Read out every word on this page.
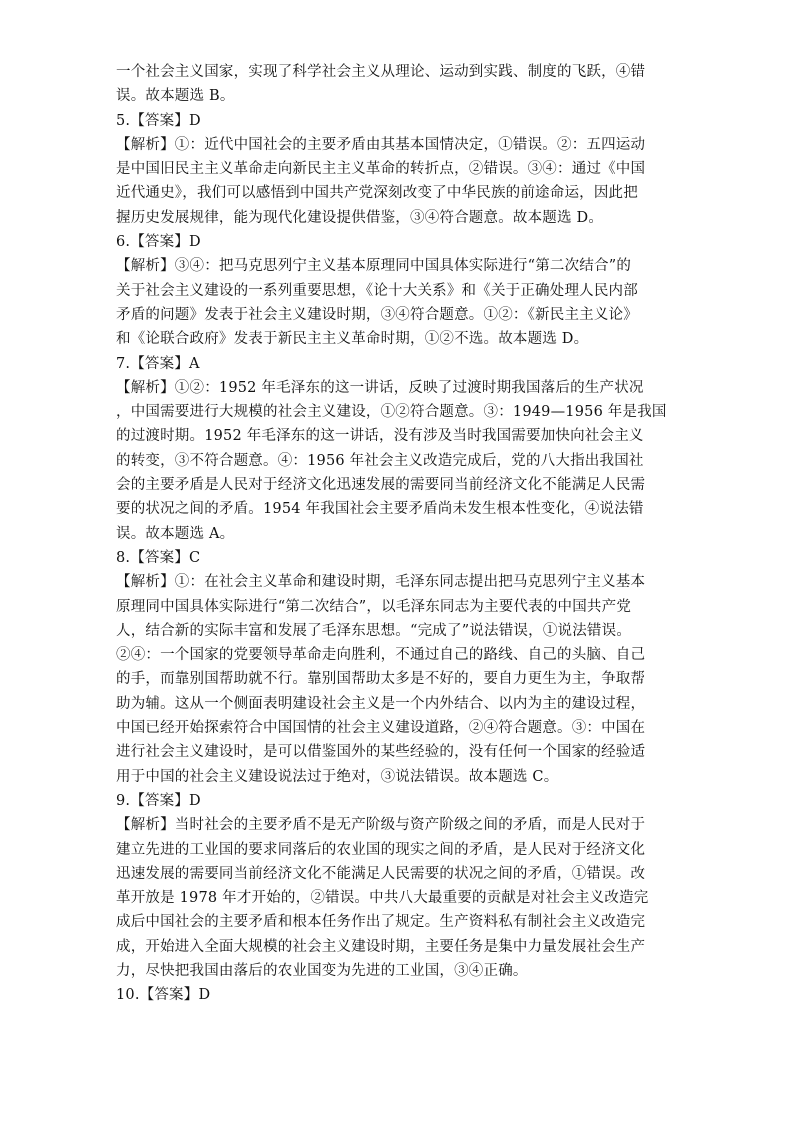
一个社会主义国家，实现了科学社会主义从理论、运动到实践、制度的飞跃，④错
误。故本题选 B。
5.【答案】D
【解析】①：近代中国社会的主要矛盾由其基本国情决定，①错误。②：五四运动
是中国旧民主主义革命走向新民主主义革命的转折点，②错误。③④：通过《中国
近代通史》，我们可以感悟到中国共产党深刻改变了中华民族的前途命运，因此把
握历史发展规律，能为现代化建设提供借鉴，③④符合题意。故本题选 D。
6.【答案】D
【解析】③④：把马克思列宁主义基本原理同中国具体实际进行“第二次结合”的
关于社会主义建设的一系列重要思想，《论十大关系》和《关于正确处理人民内部
矛盾的问题》发表于社会主义建设时期，③④符合题意。①②：《新民主主义论》
和《论联合政府》发表于新民主主义革命时期，①②不选。故本题选 D。
7.【答案】A
【解析】①②：1952 年毛泽东的这一讲话，反映了过渡时期我国落后的生产状况
，中国需要进行大规模的社会主义建设，①②符合题意。③：1949—1956 年是我国
的过渡时期。1952 年毛泽东的这一讲话，没有涉及当时我国需要加快向社会主义
的转变，③不符合题意。④：1956 年社会主义改造完成后，党的八大指出我国社
会的主要矛盾是人民对于经济文化迅速发展的需要同当前经济文化不能满足人民需
要的状况之间的矛盾。1954 年我国社会主要矛盾尚未发生根本性变化，④说法错
误。故本题选 A。
8.【答案】C
【解析】①：在社会主义革命和建设时期，毛泽东同志提出把马克思列宁主义基本
原理同中国具体实际进行“第二次结合”，以毛泽东同志为主要代表的中国共产党
人，结合新的实际丰富和发展了毛泽东思想。“完成了”说法错误，①说法错误。
②④：一个国家的党要领导革命走向胜利，不通过自己的路线、自己的头脑、自己
的手，而靠别国帮助就不行。靠别国帮助太多是不好的，要自力更生为主，争取帮
助为辅。这从一个侧面表明建设社会主义是一个内外结合、以内为主的建设过程，
中国已经开始探索符合中国国情的社会主义建设道路，②④符合题意。③：中国在
进行社会主义建设时，是可以借鉴国外的某些经验的，没有任何一个国家的经验适
用于中国的社会主义建设说法过于绝对，③说法错误。故本题选 C。
9.【答案】D
【解析】当时社会的主要矛盾不是无产阶级与资产阶级之间的矛盾，而是人民对于
建立先进的工业国的要求同落后的农业国的现实之间的矛盾，是人民对于经济文化
迅速发展的需要同当前经济文化不能满足人民需要的状况之间的矛盾，①错误。改
革开放是 1978 年才开始的，②错误。中共八大最重要的贡献是对社会主义改造完
成后中国社会的主要矛盾和根本任务作出了规定。生产资料私有制社会主义改造完
成，开始进入全面大规模的社会主义建设时期，主要任务是集中力量发展社会生产
力，尽快把我国由落后的农业国变为先进的工业国，③④正确。
10.【答案】D
